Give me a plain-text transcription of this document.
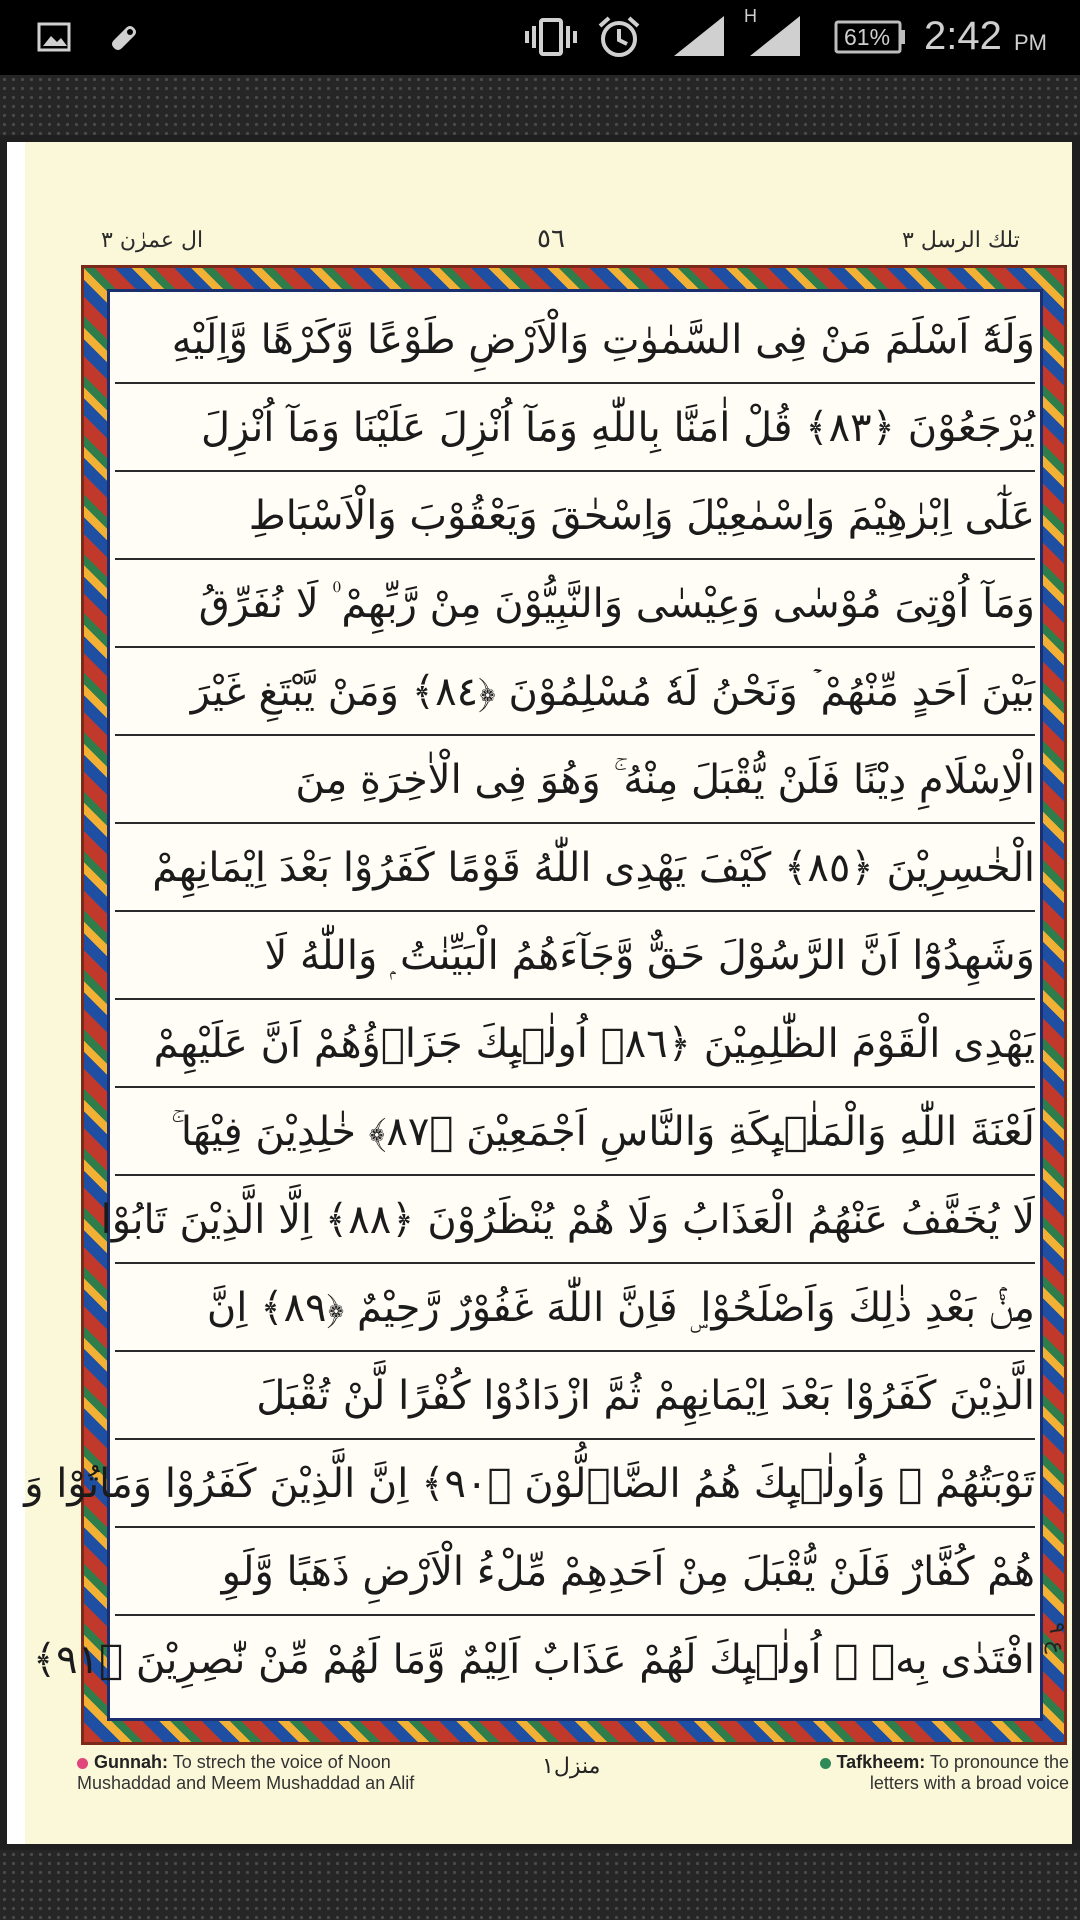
H
61% 2:42 PM
ال عمرٰن ٣	٥٦	تلك الرسل ٣
وَلَهٗٓ اَسْلَمَ مَنْ فِى السَّمٰوٰتِ وَالْاَرْضِ طَوْعًا وَّكَرْهًا وَّاِلَيْهِ
يُرْجَعُوْنَ ﴿٨٣﴾ قُلْ اٰمَنَّا بِاللّٰهِ وَمَآ اُنْزِلَ عَلَيْنَا وَمَآ اُنْزِلَ
عَلٰٓى اِبْرٰهِيْمَ وَاِسْمٰعِيْلَ وَاِسْحٰقَ وَيَعْقُوْبَ وَالْاَسْبَاطِ
وَمَآ اُوْتِىَ مُوْسٰى وَعِيْسٰى وَالنَّبِيُّوْنَ مِنْ رَّبِّهِمْ ۠ لَا نُفَرِّقُ
بَيْنَ اَحَدٍ مِّنْهُمْ ۡ وَنَحْنُ لَهٗ مُسْلِمُوْنَ ﴿٨٤﴾ وَمَنْ يَّبْتَغِ غَيْرَ
الْاِسْلَامِ دِيْنًا فَلَنْ يُّقْبَلَ مِنْهُ ۚ وَهُوَ فِى الْاٰخِرَةِ مِنَ
الْخٰسِرِيْنَ ﴿٨٥﴾ كَيْفَ يَهْدِى اللّٰهُ قَوْمًا كَفَرُوْا بَعْدَ اِيْمَانِهِمْ
وَشَهِدُوْٓا اَنَّ الرَّسُوْلَ حَقٌّ وَّجَآءَهُمُ الْبَيِّنٰتُ ۭ وَاللّٰهُ لَا
يَهْدِى الْقَوْمَ الظّٰلِمِيْنَ ﴿٨٦﴾ اُولٰۗىِٕكَ جَزَاۗؤُهُمْ اَنَّ عَلَيْهِمْ
لَعْنَةَ اللّٰهِ وَالْمَلٰۗىِٕكَةِ وَالنَّاسِ اَجْمَعِيْنَ ﴿٨٧﴾ خٰلِدِيْنَ فِيْهَا ۚ
لَا يُخَفَّفُ عَنْهُمُ الْعَذَابُ وَلَا هُمْ يُنْظَرُوْنَ ﴿٨٨﴾ اِلَّا الَّذِيْنَ تَابُوْا
مِنْۢ بَعْدِ ذٰلِكَ وَاَصْلَحُوْا ۣ فَاِنَّ اللّٰهَ غَفُوْرٌ رَّحِيْمٌ ﴿٨٩﴾ اِنَّ
الَّذِيْنَ كَفَرُوْا بَعْدَ اِيْمَانِهِمْ ثُمَّ ازْدَادُوْا كُفْرًا لَّنْ تُقْبَلَ
تَوْبَتُهُمْ ۚ وَاُولٰۗىِٕكَ هُمُ الضَّاۗلُّوْنَ ﴿٩٠﴾ اِنَّ الَّذِيْنَ كَفَرُوْا وَمَاتُوْا وَ
هُمْ كُفَّارٌ فَلَنْ يُّقْبَلَ مِنْ اَحَدِهِمْ مِّلْءُ الْاَرْضِ ذَهَبًا وَّلَوِ
افْتَدٰى بِهٖ ۭ اُولٰۗىِٕكَ لَهُمْ عَذَابٌ اَلِيْمٌ وَّمَا لَهُمْ مِّنْ نّٰصِرِيْنَ ﴿٩١﴾
ع ٩
Gunnah: To strech the voice of Noon
Mushaddad and Meem Mushaddad an Alif
منزل١	Tafkheem: To pronounce the
letters with a broad voice
